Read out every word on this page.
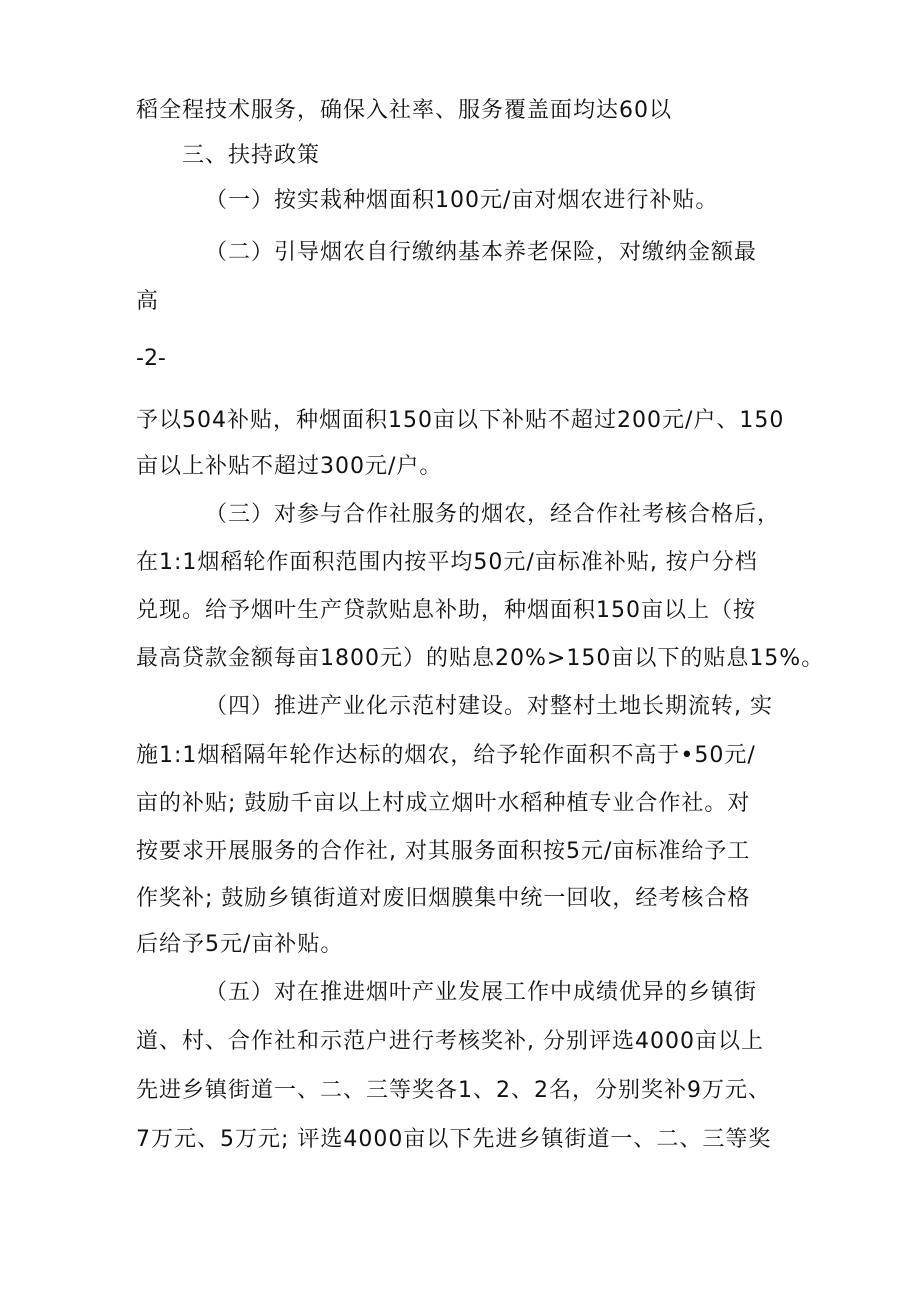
稻全程技术服务，确保入社率、服务覆盖面均达60以
三、扶持政策
（一）按实栽种烟面积100元/亩对烟农进行补贴。
（二）引导烟农自行缴纳基本养老保险，对缴纳金额最
高
-2-
予以504补贴，种烟面积150亩以下补贴不超过200元/户、150
亩以上补贴不超过300元/户。
（三）对参与合作社服务的烟农，经合作社考核合格后，
在1:1烟稻轮作面积范围内按平均50元/亩标准补贴, 按户分档
兑现。给予烟叶生产贷款贴息补助，种烟面积150亩以上（按
最高贷款金额每亩1800元）的贴息20%>150亩以下的贴息15%。
（四）推进产业化示范村建设。对整村土地长期流转, 实
施1:1烟稻隔年轮作达标的烟农，给予轮作面积不高于•50元/
亩的补贴; 鼓励千亩以上村成立烟叶水稻种植专业合作社。对
按要求开展服务的合作社, 对其服务面积按5元/亩标准给予工
作奖补; 鼓励乡镇街道对废旧烟膜集中统一回收，经考核合格
后给予5元/亩补贴。
（五）对在推进烟叶产业发展工作中成绩优异的乡镇街
道、村、合作社和示范户进行考核奖补, 分别评选4000亩以上
先进乡镇街道一、二、三等奖各1、2、2名，分别奖补9万元、
7万元、5万元; 评选4000亩以下先进乡镇街道一、二、三等奖
